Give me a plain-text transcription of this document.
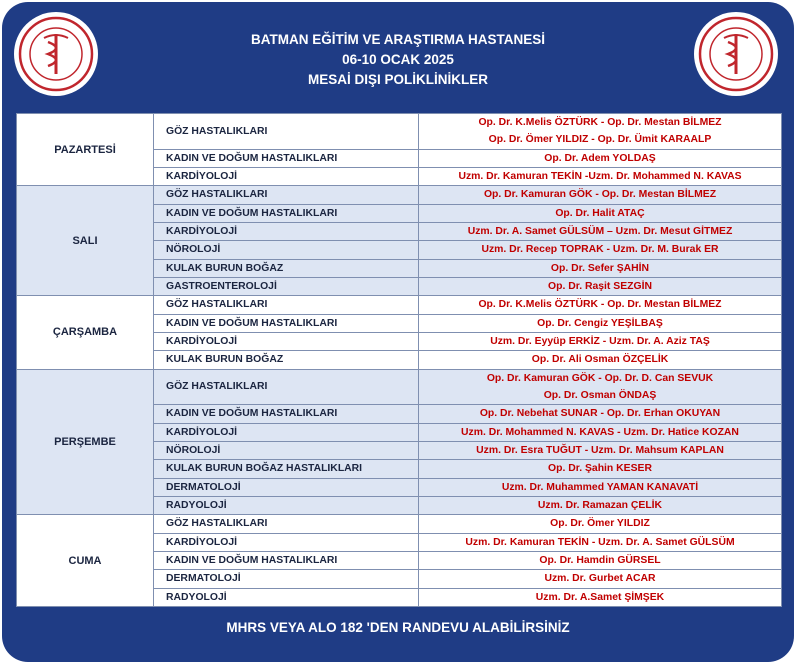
BATMAN EĞİTİM VE ARAŞTIRMA HASTANESİ
06-10 OCAK 2025
MESAİ DIŞI POLİKLİNİKLER
PAZARTESİ	GÖZ HASTALIKLARI	Op. Dr. K.Melis ÖZTÜRK - Op. Dr. Mestan BİLMEZ
Op. Dr. Ömer YILDIZ - Op. Dr. Ümit KARAALP

	KADIN VE DOĞUM HASTALIKLARI	Op. Dr. Adem YOLDAŞ

	KARDİYOLOJİ	Uzm. Dr. Kamuran TEKİN -Uzm. Dr. Mohammed N. KAVAS

SALI	GÖZ HASTALIKLARI	Op. Dr. Kamuran GÖK - Op. Dr. Mestan BİLMEZ

	KADIN VE DOĞUM HASTALIKLARI	Op. Dr. Halit ATAÇ

	KARDİYOLOJİ	Uzm. Dr. A. Samet GÜLSÜM – Uzm. Dr. Mesut GİTMEZ

	NÖROLOJİ	Uzm. Dr. Recep TOPRAK - Uzm. Dr. M. Burak ER

	KULAK BURUN BOĞAZ	Op. Dr. Sefer ŞAHİN

	GASTROENTEROLOJİ	Op. Dr. Raşit SEZGİN

ÇARŞAMBA	GÖZ HASTALIKLARI	Op. Dr. K.Melis ÖZTÜRK - Op. Dr. Mestan BİLMEZ

	KADIN VE DOĞUM HASTALIKLARI	Op. Dr. Cengiz YEŞİLBAŞ

	KARDİYOLOJİ	Uzm. Dr. Eyyüp ERKİZ - Uzm. Dr. A. Aziz TAŞ

	KULAK BURUN BOĞAZ	Op. Dr. Ali Osman ÖZÇELİK

PERŞEMBE	GÖZ HASTALIKLARI	Op. Dr. Kamuran GÖK - Op. Dr. D. Can SEVUK
Op. Dr. Osman ÖNDAŞ

	KADIN VE DOĞUM HASTALIKLARI	Op. Dr. Nebehat SUNAR - Op. Dr. Erhan OKUYAN

	KARDİYOLOJİ	Uzm. Dr. Mohammed N. KAVAS - Uzm. Dr. Hatice KOZAN

	NÖROLOJİ	Uzm. Dr. Esra TUĞUT - Uzm. Dr. Mahsum KAPLAN

	KULAK BURUN BOĞAZ HASTALIKLARI	Op. Dr. Şahin KESER

	DERMATOLOJİ	Uzm. Dr. Muhammed YAMAN KANAVATİ

	RADYOLOJİ	Uzm. Dr. Ramazan ÇELİK

CUMA	GÖZ HASTALIKLARI	Op. Dr. Ömer YILDIZ

	KARDİYOLOJİ	Uzm. Dr. Kamuran TEKİN - Uzm. Dr. A. Samet GÜLSÜM

	KADIN VE DOĞUM HASTALIKLARI	Op. Dr. Hamdin GÜRSEL

	DERMATOLOJİ	Uzm. Dr. Gurbet ACAR

	RADYOLOJİ	Uzm. Dr. A.Samet ŞİMŞEK
MHRS VEYA ALO 182 'DEN RANDEVU ALABİLİRSİNİZ
